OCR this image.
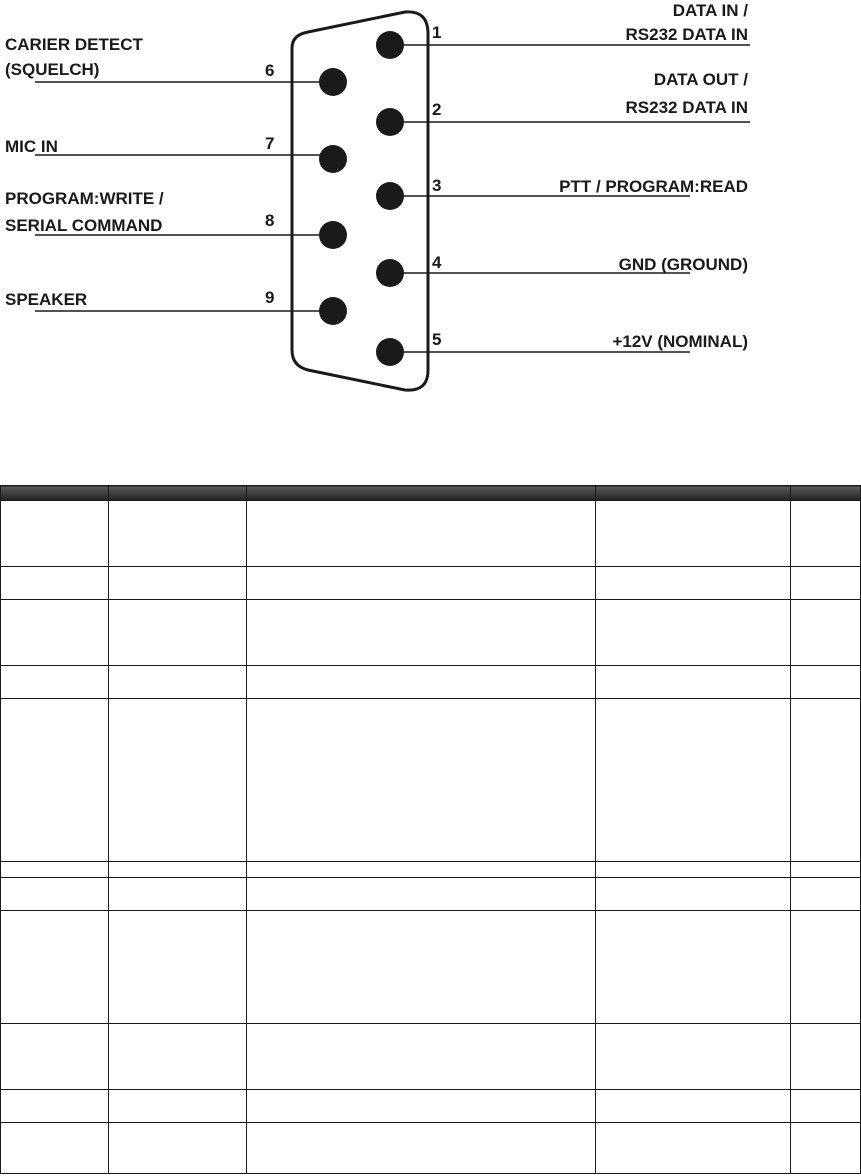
1
DATA IN /
RS232 DATA IN
2
DATA OUT /
RS232 DATA IN
3	PTT / PROGRAM:READ
4	GND (GROUND)
5	+12V (NOMINAL)
6
CARIER DETECT
(SQUELCH)
7
MIC IN
8
PROGRAM:WRITE /
SERIAL COMMAND
9
SPEAKER
